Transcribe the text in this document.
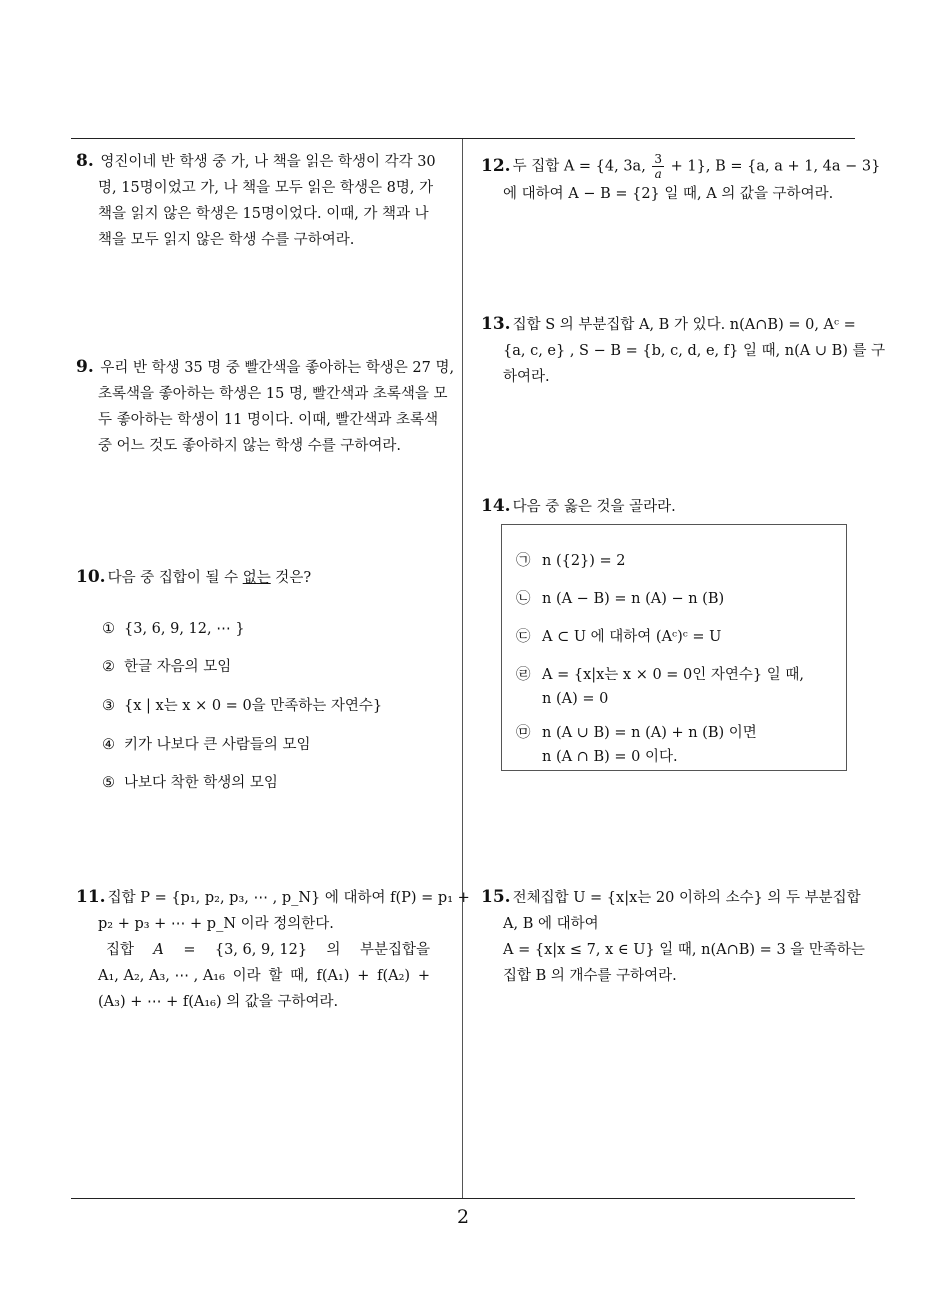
8. 영진이네 반 학생 중 가, 나 책을 읽은 학생이 각각 30
명, 15명이었고 가, 나 책을 모두 읽은 학생은 8명, 가
책을 읽지 않은 학생은 15명이었다. 이때, 가 책과 나
책을 모두 읽지 않은 학생 수를 구하여라.
9. 우리 반 학생 35 명 중 빨간색을 좋아하는 학생은 27 명,
초록색을 좋아하는 학생은 15 명, 빨간색과 초록색을 모
두 좋아하는 학생이 11 명이다. 이때, 빨간색과 초록색
중 어느 것도 좋아하지 않는 학생 수를 구하여라.
10. 다음 중 집합이 될 수 없는 것은?
① {3, 6, 9, 12, ⋯ }
② 한글 자음의 모임
③ {x | x는 x × 0 = 0을 만족하는 자연수}
④ 키가 나보다 큰 사람들의 모임
⑤ 나보다 착한 학생의 모임
11. 집합 P = {p₁, p₂, p₃, ⋯ , p_N} 에 대하여 f(P) = p₁ +
p₂ + p₃ + ⋯ + p_N 이라 정의한다.
집합 A = {3, 6, 9, 12} 의 부분집합을
A₁, A₂, A₃, ⋯ , A₁₆ 이라 할 때, f(A₁) + f(A₂) +
(A₃) + ⋯ + f(A₁₆) 의 값을 구하여라.
12. 두 집합 A = {4, 3a, $\frac{3}{a} + 1$}, B = {a, a + 1, 4a − 3}
에 대하여 A − B = {2} 일 때, A 의 값을 구하여라.
13. 집합 S 의 부분집합 A, B 가 있다. n(A∩B) = 0, Aᶜ =
{a, c, e} , S − B = {b, c, d, e, f} 일 때, n(A ∪ B) 를 구
하여라.
14. 다음 중 옳은 것을 골라라.
㉠ n ({2}) = 2
㉡ n (A − B) = n (A) − n (B)
㉢ A ⊂ U 에 대하여 (Aᶜ)ᶜ = U
㉣ A = {x|x는 x × 0 = 0인 자연수} 일 때,
n (A) = 0
㉤ n (A ∪ B) = n (A) + n (B) 이면
n (A ∩ B) = 0 이다.
15. 전체집합 U = {x|x는 20 이하의 소수} 의 두 부분집합
A, B 에 대하여
A = {x|x ≤ 7, x ∈ U} 일 때, n(A∩B) = 3 을 만족하는
집합 B 의 개수를 구하여라.
2
